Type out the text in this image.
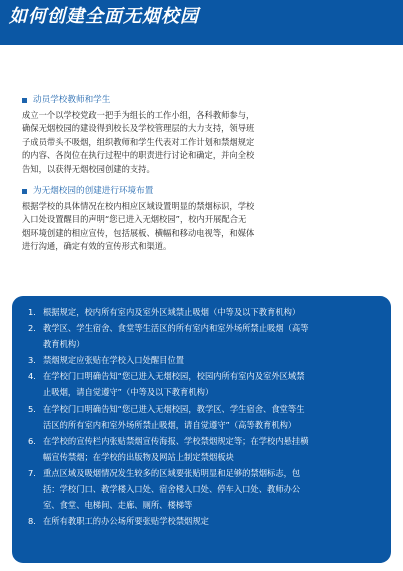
如何创建全面无烟校园
动员学校教师和学生
成立一个以学校党政一把手为组长的工作小组，各科教师参与，
确保无烟校园的建设得到校长及学校管理层的大力支持，领导班
子成员带头不吸烟，组织教师和学生代表对工作计划和禁烟规定
的内容、各岗位在执行过程中的职责进行讨论和确定，并向全校
告知，以获得无烟校园创建的支持。
为无烟校园的创建进行环境布置
根据学校的具体情况在校内相应区域设置明显的禁烟标识，学校
入口处设置醒目的声明“您已进入无烟校园”，校内开展配合无
烟环境创建的相应宣传，包括展板、横幅和移动电视等，和媒体
进行沟通，确定有效的宣传形式和渠道。
1. 根据规定，校内所有室内及室外区域禁止吸烟（中等及以下教育机构）
2. 教学区、学生宿舍、食堂等生活区的所有室内和室外场所禁止吸烟（高等
教育机构）
3. 禁烟规定应张贴在学校入口处醒目位置
4. 在学校门口明确告知“您已进入无烟校园，校园内所有室内及室外区域禁
止吸烟，请自觉遵守”（中等及以下教育机构）
5. 在学校门口明确告知“您已进入无烟校园，教学区、学生宿舍、食堂等生
活区的所有室内和室外场所禁止吸烟，请自觉遵守”（高等教育机构）
6. 在学校的宣传栏内张贴禁烟宣传海报、学校禁烟规定等；在学校内悬挂横
幅宣传禁烟；在学校的出版物及网站上制定禁烟板块
7. 重点区域及吸烟情况发生较多的区域要张贴明显和足够的禁烟标志，包
括：学校门口、教学楼入口处、宿舍楼入口处、停车入口处、教师办公
室、食堂、电梯间、走廊、厕所、楼梯等
8. 在所有教职工的办公场所要张贴学校禁烟规定
